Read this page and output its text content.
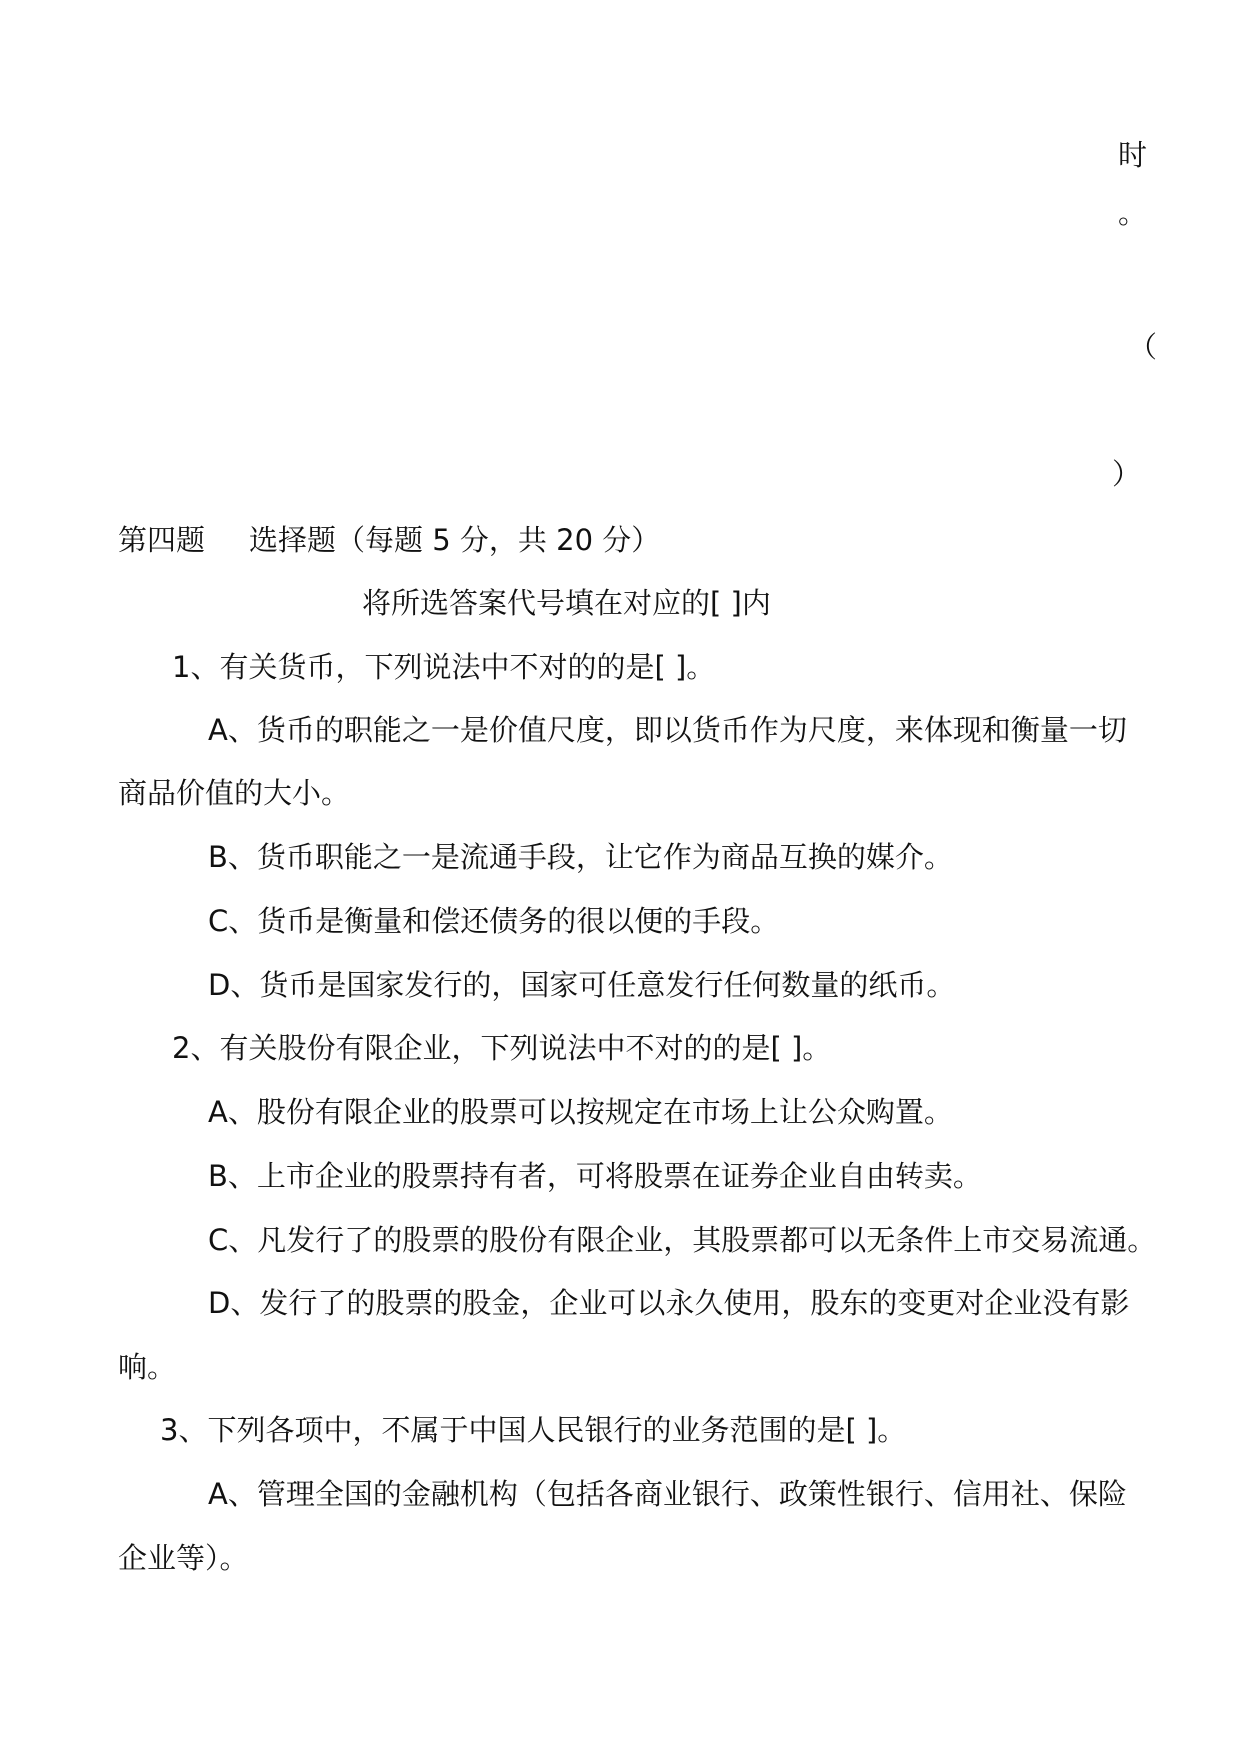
时
。
（
）
第四题 选择题（每题 5 分，共 20 分）
将所选答案代号填在对应的[ ]内
1、有关货币，下列说法中不对的的是[ ]。
A、货币的职能之一是价值尺度，即以货币作为尺度，来体现和衡量一切
商品价值的大小。
B、货币职能之一是流通手段，让它作为商品互换的媒介。
C、货币是衡量和偿还债务的很以便的手段。
D、货币是国家发行的，国家可任意发行任何数量的纸币。
2、有关股份有限企业，下列说法中不对的的是[ ]。
A、股份有限企业的股票可以按规定在市场上让公众购置。
B、上市企业的股票持有者，可将股票在证券企业自由转卖。
C、凡发行了的股票的股份有限企业，其股票都可以无条件上市交易流通。
D、发行了的股票的股金，企业可以永久使用，股东的变更对企业没有影
响。
3、下列各项中，不属于中国人民银行的业务范围的是[ ]。
A、管理全国的金融机构（包括各商业银行、政策性银行、信用社、保险
企业等）。
